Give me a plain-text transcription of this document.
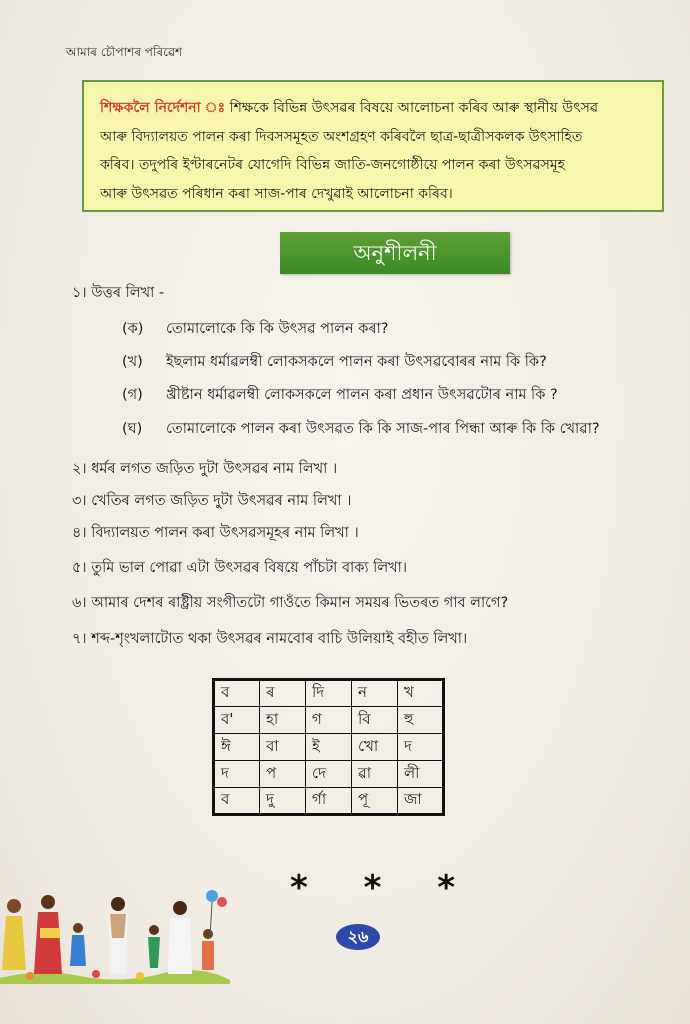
আমাৰ চৌপাশৰ পৰিৱেশ
শিক্ষকলৈ নিৰ্দেশনা ঃ শিক্ষকে বিভিন্ন উৎসৱৰ বিষয়ে আলোচনা কৰিব আৰু স্থানীয় উৎসৱ
আৰু বিদ্যালয়ত পালন কৰা দিবসসমূহত অংশগ্ৰহণ কৰিবলৈ ছাত্ৰ-ছাত্ৰীসকলক উৎসাহিত
কৰিব। তদুপৰি ইণ্টাৰনেটৰ যোগেদি বিভিন্ন জাতি-জনগোষ্ঠীয়ে পালন কৰা উৎসৱসমূহ
আৰু উৎসৱত পৰিধান কৰা সাজ-পাৰ দেখুৱাই আলোচনা কৰিব।
অনুশীলনী
১। উত্তৰ লিখা -
(ক) তোমালোকে কি কি উৎসৱ পালন কৰা?
(খ) ইছলাম ধৰ্মাৱলম্বী লোকসকলে পালন কৰা উৎসৱবোৰৰ নাম কি কি?
(গ) খ্ৰীষ্টান ধৰ্মাৱলম্বী লোকসকলে পালন কৰা প্ৰধান উৎসৱটোৰ নাম কি ?
(ঘ) তোমালোকে পালন কৰা উৎসৱত কি কি সাজ-পাৰ পিন্ধা আৰু কি কি খোৱা?
২। ধৰ্মৰ লগত জড়িত দুটা উৎসৱৰ নাম লিখা ।
৩। খেতিৰ লগত জড়িত দুটা উৎসৱৰ নাম লিখা ।
৪। বিদ্যালয়ত পালন কৰা উৎসৱসমূহৰ নাম লিখা ।
৫। তুমি ভাল পোৱা এটা উৎসৱৰ বিষয়ে পাঁচটা বাক্য লিখা।
৬। আমাৰ দেশৰ ৰাষ্ট্ৰীয় সংগীতটো গাওঁতে কিমান সময়ৰ ভিতৰত গাব লাগে?
৭। শব্দ-শৃংখলাটোত থকা উৎসৱৰ নামবোৰ বাচি উলিয়াই বহীত লিখা।
ব	ৰ	দি	ন	খ
ব'	হা	গ	বি	হু
ঈ	বা	ই	খো	দ
দ	প	দে	ৱা	লী
ব	দু	র্গা	পূ	জা
* * *
২৬
